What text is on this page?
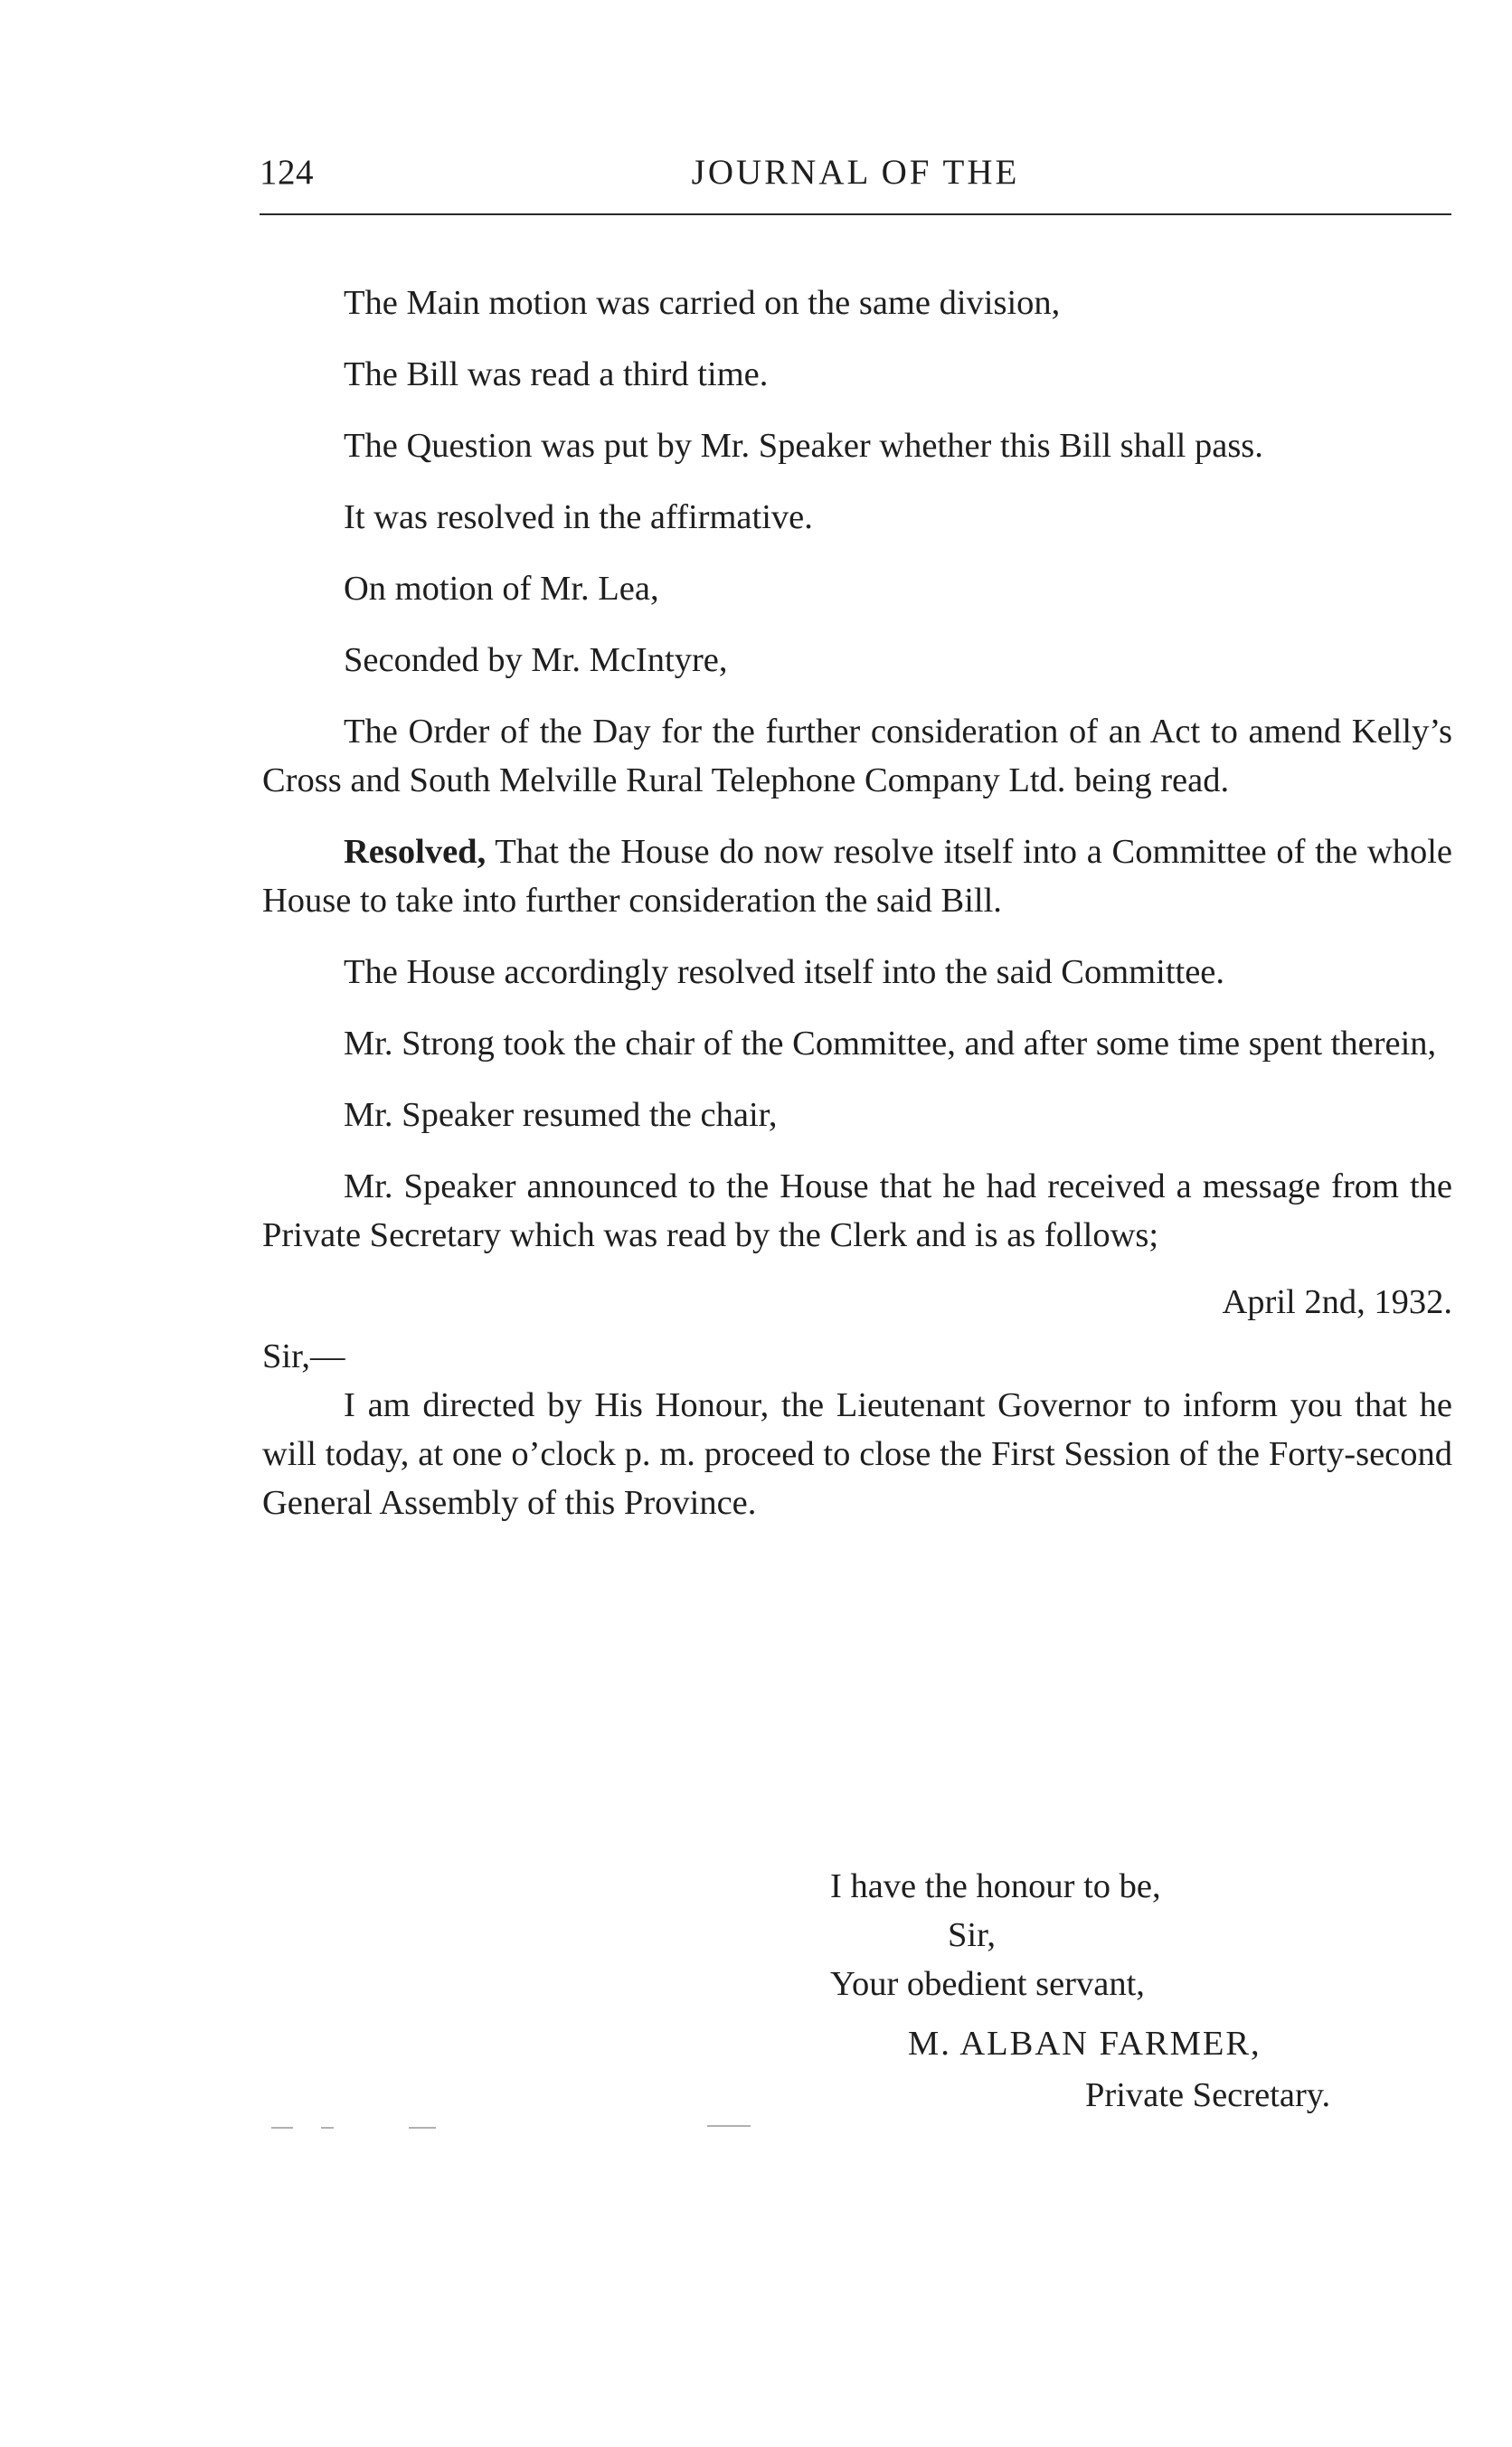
124	JOURNAL OF THE

The Main motion was carried on the same division,

The Bill was read a third time.

The Question was put by Mr. Speaker whether this Bill shall pass.

It was resolved in the affirmative.

On motion of Mr. Lea,

Seconded by Mr. McIntyre,

The Order of the Day for the further consideration of an Act to amend Kelly’s Cross and South Melville Rural Telephone Company Ltd. being read.

Resolved, That the House do now resolve itself into a Committee of the whole House to take into further consideration the said Bill.

The House accordingly resolved itself into the said Committee.

Mr. Strong took the chair of the Committee, and after some time spent therein,

Mr. Speaker resumed the chair,

Mr. Speaker announced to the House that he had received a message from the Private Secretary which was read by the Clerk and is as follows;

April 2nd, 1932.

Sir,—

I am directed by His Honour, the Lieutenant Governor to inform you that he will today, at one o’clock p. m. proceed to close the First Session of the Forty-second General Assembly of this Province.

I have the honour to be,
Sir,
Your obedient servant,
M. ALBAN FARMER,
Private Secretary.
